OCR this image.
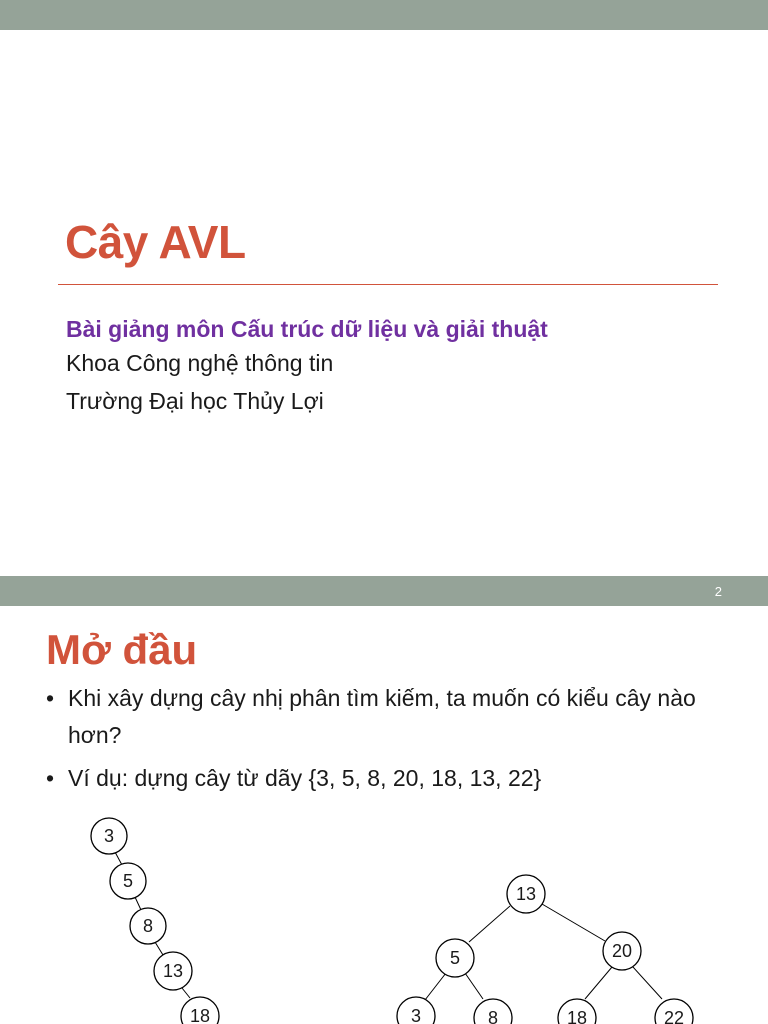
Cây AVL
Bài giảng môn Cấu trúc dữ liệu và giải thuật
Khoa Công nghệ thông tin
Trường Đại học Thủy Lợi
2
Mở đầu
• Khi xây dựng cây nhị phân tìm kiếm, ta muốn có kiểu cây nào hơn?
• Ví dụ: dựng cây từ dãy {3, 5, 8, 20, 18, 13, 22}
3
5
8
13
18
13
5	20
3	8	18	22
